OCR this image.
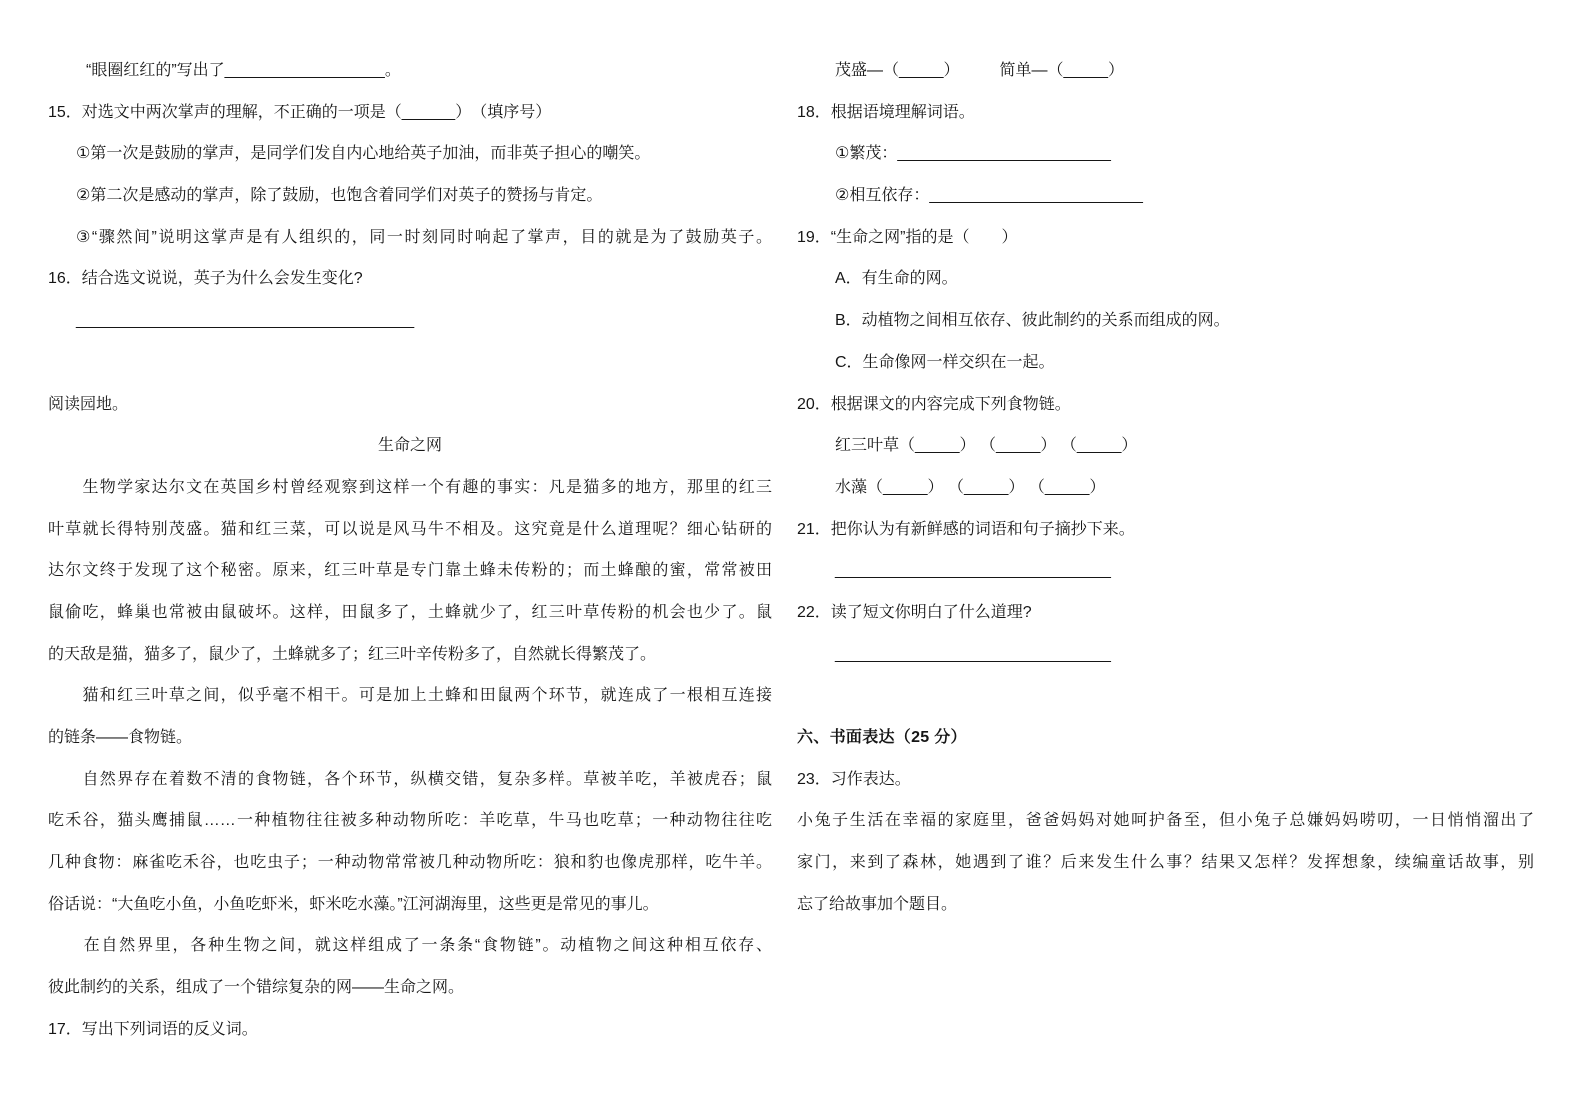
“眼圈红红的”写出了__________________。
15．对选文中两次掌声的理解，不正确的一项是（______）　（填序号）
①第一次是鼓励的掌声，是同学们发自内心地给英子加油，而非英子担心的嘲笑。
②第二次是感动的掌声，除了鼓励，也饱含着同学们对英子的赞扬与肯定。
③“骤然间”说明这掌声是有人组织的，同一时刻同时响起了掌声，目的就是为了鼓励英子。
16．结合选文说说，英子为什么会发生变化?
______________________________________
阅读园地。
生命之网
　　生物学家达尔文在英国乡村曾经观察到这样一个有趣的事实：凡是猫多的地方，那里的红三
叶草就长得特别茂盛。猫和红三菜，可以说是风马牛不相及。这究竟是什么道理呢？细心钻研的
达尔文终于发现了这个秘密。原来，红三叶草是专门靠土蜂未传粉的；而土蜂酿的蜜，常常被田
鼠偷吃，蜂巢也常被由鼠破坏。这样，田鼠多了，土蜂就少了，红三叶草传粉的机会也少了。鼠
的天敌是猫，猫多了，鼠少了，土蜂就多了；红三叶辛传粉多了，自然就长得繁茂了。
　　猫和红三叶草之间，似乎毫不相干。可是加上土蜂和田鼠两个环节，就连成了一根相互连接
的链条——食物链。
　　自然界存在着数不清的食物链，各个环节，纵横交错，复杂多样。草被羊吃，羊被虎吞；鼠
吃禾谷，猫头鹰捕鼠……一种植物往往被多种动物所吃：羊吃草，牛马也吃草；一种动物往往吃
几种食物：麻雀吃禾谷，也吃虫子；一种动物常常被几种动物所吃：狼和豹也像虎那样，吃牛羊。
俗话说：“大鱼吃小鱼，小鱼吃虾米，虾米吃水藻。”江河湖海里，这些更是常见的事儿。
　　在自然界里，各种生物之间，就这样组成了一条条“食物链”。动植物之间这种相互依存、
彼此制约的关系，组成了一个错综复杂的网——生命之网。
17．写出下列词语的反义词。
茂盛—（_____）　　　简单—（_____）
18．根据语境理解词语。
①繁茂：________________________
②相互依存：________________________
19．“生命之网”指的是（　　）
A．有生命的网。
B．动植物之间相互依存、彼此制约的关系而组成的网。
C．生命像网一样交织在一起。
20．根据课文的内容完成下列食物链。
红三叶草（_____） （_____） （_____）
水藻（_____） （_____） （_____）
21．把你认为有新鲜感的词语和句子摘抄下来。
_______________________________
22．读了短文你明白了什么道理?
_______________________________
六、书面表达（25 分）
23．习作表达。
小兔子生活在幸福的家庭里，爸爸妈妈对她呵护备至，但小兔子总嫌妈妈唠叨，一日悄悄溜出了
家门，来到了森林，她遇到了谁？后来发生什么事？结果又怎样？发挥想象，续编童话故事，别
忘了给故事加个题目。
